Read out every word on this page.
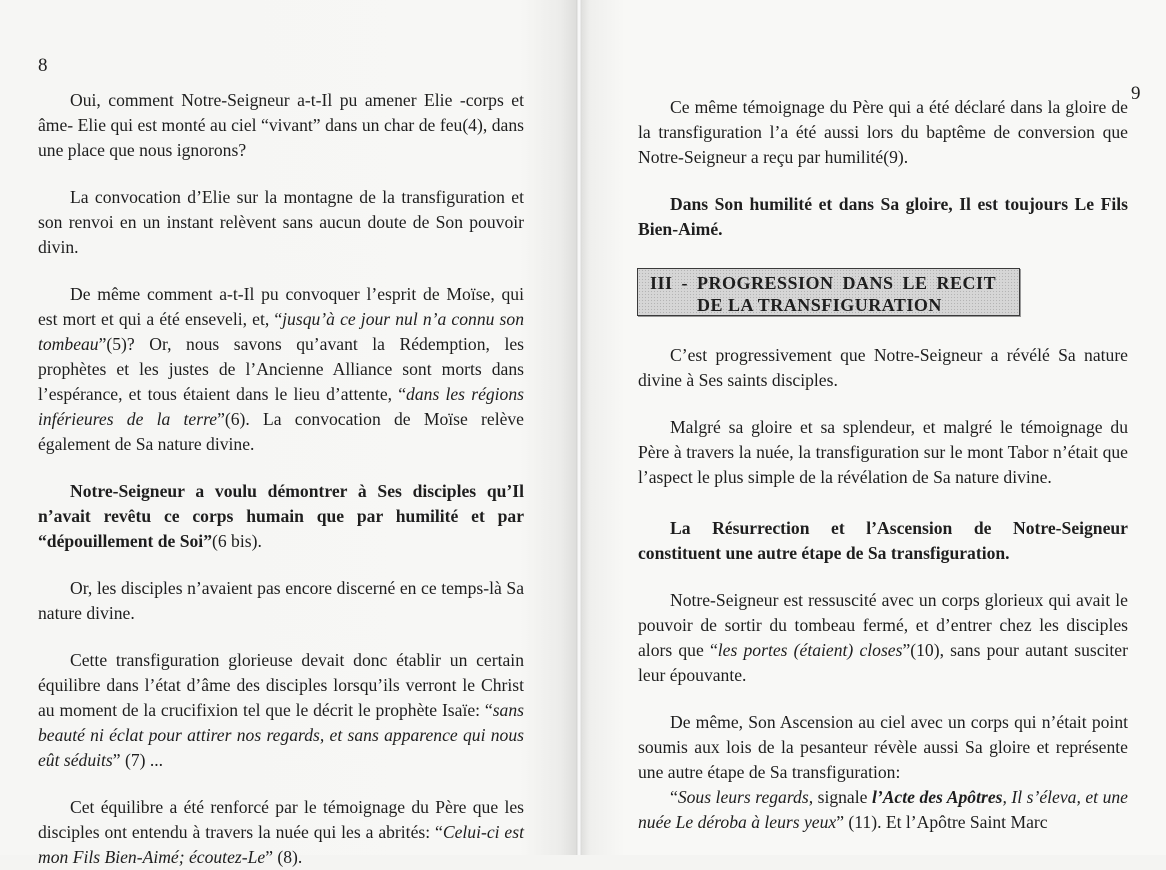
8

Oui, comment Notre-Seigneur a-t-Il pu amener Elie -corps et âme- Elie qui est monté au ciel “vivant” dans un char de feu(4), dans une place que nous ignorons?

La convocation d’Elie sur la montagne de la transfiguration et son renvoi en un instant relèvent sans aucun doute de Son pouvoir divin.

De même comment a-t-Il pu convoquer l’esprit de Moïse, qui est mort et qui a été enseveli, et, “jusqu’à ce jour nul n’a connu son tombeau”(5)? Or, nous savons qu’avant la Rédemption, les prophètes et les justes de l’Ancienne Alliance sont morts dans l’espérance, et tous étaient dans le lieu d’attente, “dans les régions inférieures de la terre”(6). La convocation de Moïse relève également de Sa nature divine.

Notre-Seigneur a voulu démontrer à Ses disciples qu’Il n’avait revêtu ce corps humain que par humilité et par “dépouillement de Soi”(6 bis).

Or, les disciples n’avaient pas encore discerné en ce temps-là Sa nature divine.

Cette transfiguration glorieuse devait donc établir un certain équilibre dans l’état d’âme des disciples lorsqu’ils verront le Christ au moment de la crucifixion tel que le décrit le prophète Isaïe: “sans beauté ni éclat pour attirer nos regards, et sans apparence qui nous eût séduits” (7) ...

Cet équilibre a été renforcé par le témoignage du Père que les disciples ont entendu à travers la nuée qui les a abrités: “Celui-ci est mon Fils Bien-Aimé; écoutez-Le” (8).

9

Ce même témoignage du Père qui a été déclaré dans la gloire de la transfiguration l’a été aussi lors du baptême de conversion que Notre-Seigneur a reçu par humilité(9).

Dans Son humilité et dans Sa gloire, Il est toujours Le Fils Bien-Aimé.

III - PROGRESSION DANS LE RECIT
DE LA TRANSFIGURATION

C’est progressivement que Notre-Seigneur a révélé Sa nature divine à Ses saints disciples.

Malgré sa gloire et sa splendeur, et malgré le témoignage du Père à travers la nuée, la transfiguration sur le mont Tabor n’était que l’aspect le plus simple de la révélation de Sa nature divine.

La Résurrection et l’Ascension de Notre-Seigneur constituent une autre étape de Sa transfiguration.

Notre-Seigneur est ressuscité avec un corps glorieux qui avait le pouvoir de sortir du tombeau fermé, et d’entrer chez les disciples alors que “les portes (étaient) closes”(10), sans pour autant susciter leur épouvante.

De même, Son Ascension au ciel avec un corps qui n’était point soumis aux lois de la pesanteur révèle aussi Sa gloire et représente une autre étape de Sa transfiguration:

“Sous leurs regards, signale l’Acte des Apôtres, Il s’éleva, et une nuée Le déroba à leurs yeux” (11). Et l’Apôtre Saint Marc
